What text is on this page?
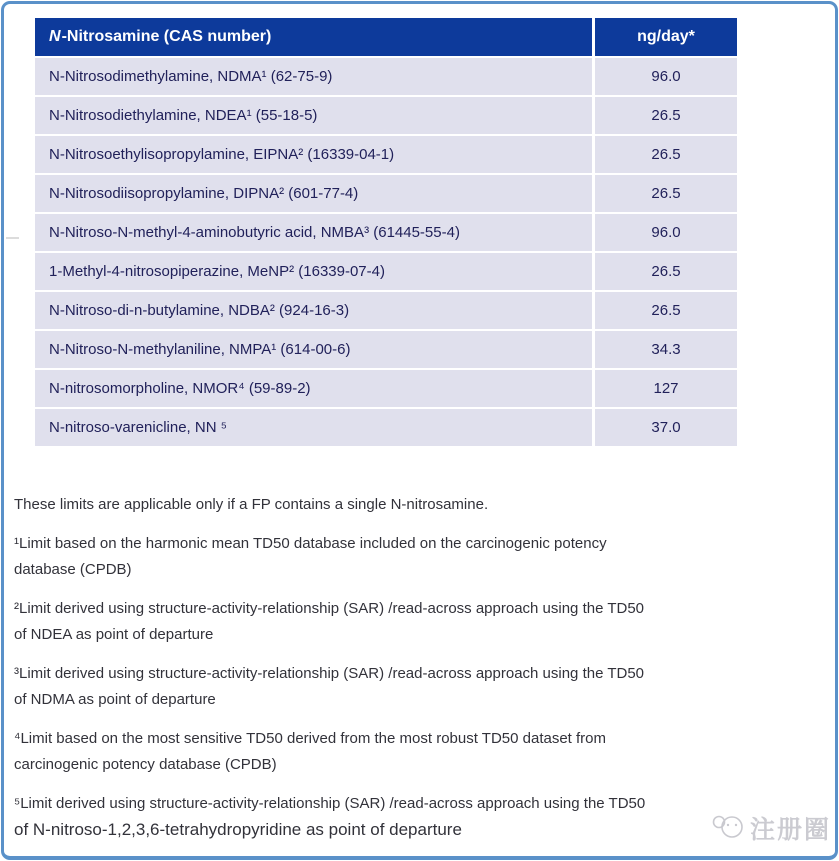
N-Nitrosamine (CAS number)	ng/day*
N-Nitrosodimethylamine, NDMA¹ (62-75-9)	96.0
N-Nitrosodiethylamine, NDEA¹ (55-18-5)	26.5
N-Nitrosoethylisopropylamine, EIPNA² (16339-04-1)	26.5
N-Nitrosodiisopropylamine, DIPNA² (601-77-4)	26.5
N-Nitroso-N-methyl-4-aminobutyric acid, NMBA³ (61445-55-4)	96.0
1-Methyl-4-nitrosopiperazine, MeNP² (16339-07-4)	26.5
N-Nitroso-di-n-butylamine, NDBA² (924-16-3)	26.5
N-Nitroso-N-methylaniline, NMPA¹ (614-00-6)	34.3
N-nitrosomorpholine, NMOR⁴ (59-89-2)	127
N-nitroso-varenicline, NN ⁵	37.0

These limits are applicable only if a FP contains a single N-nitrosamine.

¹Limit based on the harmonic mean TD50 database included on the carcinogenic potency
database (CPDB)

²Limit derived using structure-activity-relationship (SAR) /read-across approach using the TD50
of NDEA as point of departure

³Limit derived using structure-activity-relationship (SAR) /read-across approach using the TD50
of NDMA as point of departure

⁴Limit based on the most sensitive TD50 derived from the most robust TD50 dataset from
carcinogenic potency database (CPDB)

⁵Limit derived using structure-activity-relationship (SAR) /read-across approach using the TD50
of N-nitroso-1,2,3,6-tetrahydropyridine as point of departure	注册圈
